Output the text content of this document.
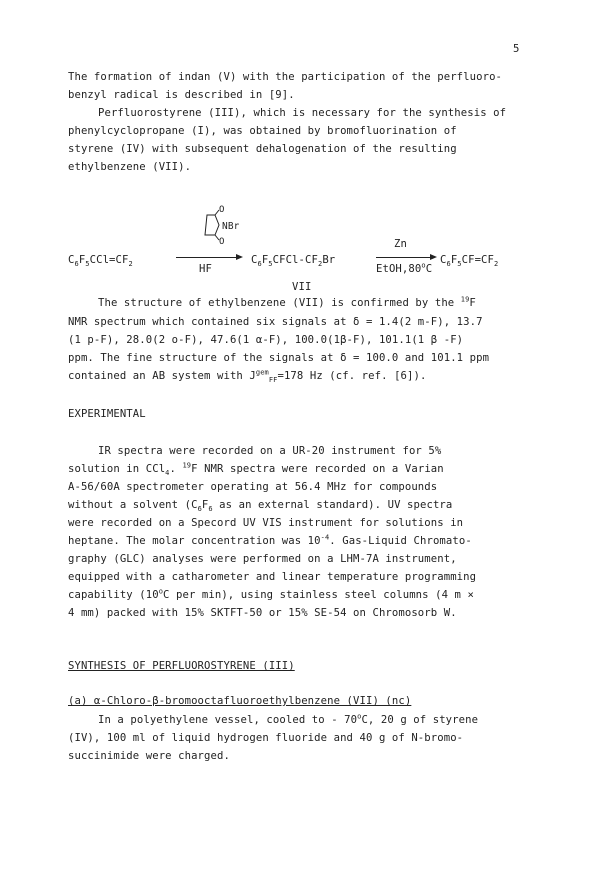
5
The formation of indan (V) with the participation of the perfluoro-
benzyl radical is described in [9].
Perfluorostyrene (III), which is necessary for the synthesis of
phenylcyclopropane (I), was obtained by bromofluorination of
styrene (IV) with subsequent dehalogenation of the resulting
ethylbenzene (VII).
O
NBr
O
$C_6F_5CCl=CF_2$	HF
$C_6F_5CFCl-CF_2Br$
Zn
EtOH,80$^o$C
$C_6F_5CF=CF_2$
VII
The structure of ethylbenzene (VII) is confirmed by the $^{19}$F
NMR spectrum which contained six signals at δ = 1.4(2 m-F), 13.7
(1 p-F), 28.0(2 o-F), 47.6(1 α-F), 100.0(1β-F), 101.1(1 β -F)
ppm. The fine structure of the signals at δ = 100.0 and 101.1 ppm
contained an AB system with $J^{gem}_{FF}=178$ Hz (cf. ref. [6]).
EXPERIMENTAL
IR spectra were recorded on a UR-20 instrument for 5%
solution in CCl$_4$. $^{19}$F NMR spectra were recorded on a Varian
A-56/60A spectrometer operating at 56.4 MHz for compounds
without a solvent ($C_6F_6$ as an external standard). UV spectra
were recorded on a Specord UV VIS instrument for solutions in
heptane. The molar concentration was $10^{-4}$. Gas-Liquid Chromato-
graphy (GLC) analyses were performed on a LHM-7A instrument,
equipped with a catharometer and linear temperature programming
capability (10$^o$C per min), using stainless steel columns (4 m ×
4 mm) packed with 15% SKTFT-50 or 15% SE-54 on Chromosorb W.
SYNTHESIS OF PERFLUOROSTYRENE (III)
(a) α-Chloro-β-bromooctafluoroethylbenzene (VII) (nc)
In a polyethylene vessel, cooled to - 70$^o$C, 20 g of styrene
(IV), 100 ml of liquid hydrogen fluoride and 40 g of N-bromo-
succinimide were charged.
